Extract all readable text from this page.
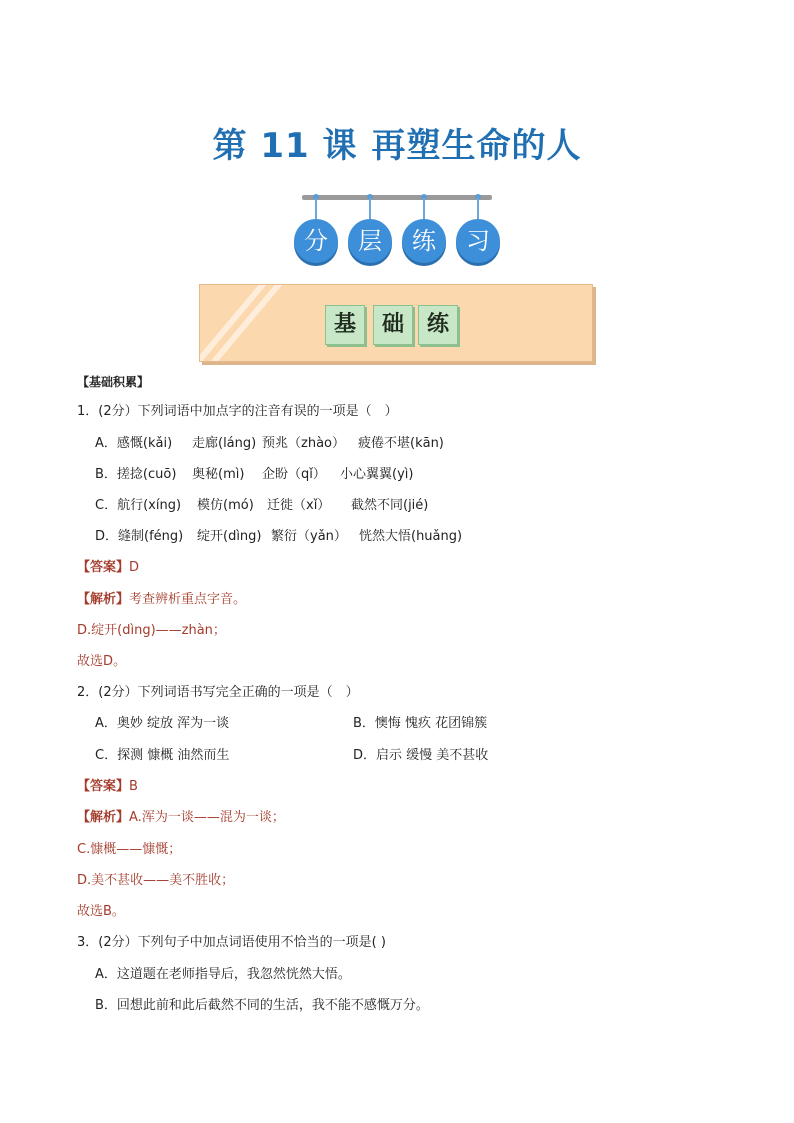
第 11 课 再塑生命的人
分	层	练	习
基	础	练
【基础积累】
1．(2分）下列词语中加点字的注音有误的一项是（　）
A．感慨(kǎi) 走廊(láng) 预兆（zhào） 疲倦不堪(kān)
B．搓捻(cuō) 奥秘(mì) 企盼（qǐ） 小心翼翼(yì)
C．航行(xíng) 模仿(mó) 迁徙（xǐ） 截然不同(jié)
D．缝制(féng) 绽开(dìng) 繁衍（yǎn） 恍然大悟(huǎng)
【答案】D
【解析】考查辨析重点字音。
D.绽开(dìng)——zhàn；
故选D。
2．(2分）下列词语书写完全正确的一项是（　）
A．奥妙 绽放 浑为一谈	B．懊悔 愧疚 花团锦簇
C．探测 慷概 油然而生	D．启示 缓慢 美不甚收
【答案】B
【解析】A.浑为一谈——混为一谈；
C.慷概——慷慨；
D.美不甚收——美不胜收；
故选B。
3．(2分）下列句子中加点词语使用不恰当的一项是( )
A．这道题在老师指导后，我忽然恍然大悟。
B．回想此前和此后截然不同的生活，我不能不感慨万分。
